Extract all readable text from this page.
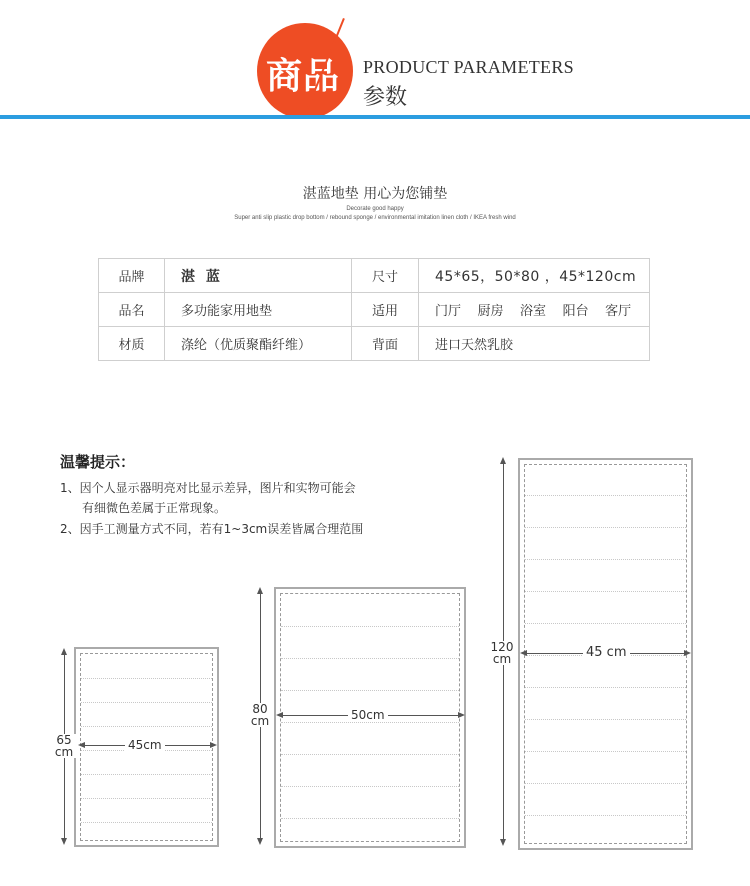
商品 PRODUCT PARAMETERS
参数
湛蓝地垫 用心为您铺垫
Decorate good happy
Super anti slip plastic drop bottom / rebound sponge / environmental imitation linen cloth / IKEA fresh wind
品牌	湛 蓝	尺寸	45*65，50*80 ，45*120cm
品名	多功能家用地垫	适用	门厅    厨房    浴室    阳台    客厅
材质	涤纶（优质聚酯纤维）	背面	进口天然乳胶
温馨提示：
1、因个人显示器明亮对比显示差异，图片和实物可能会
有细微色差属于正常现象。
2、因手工测量方式不同，若有1~3cm误差皆属合理范围
65
cm	45cm
80
cm	50cm
120
cm	45 cm
